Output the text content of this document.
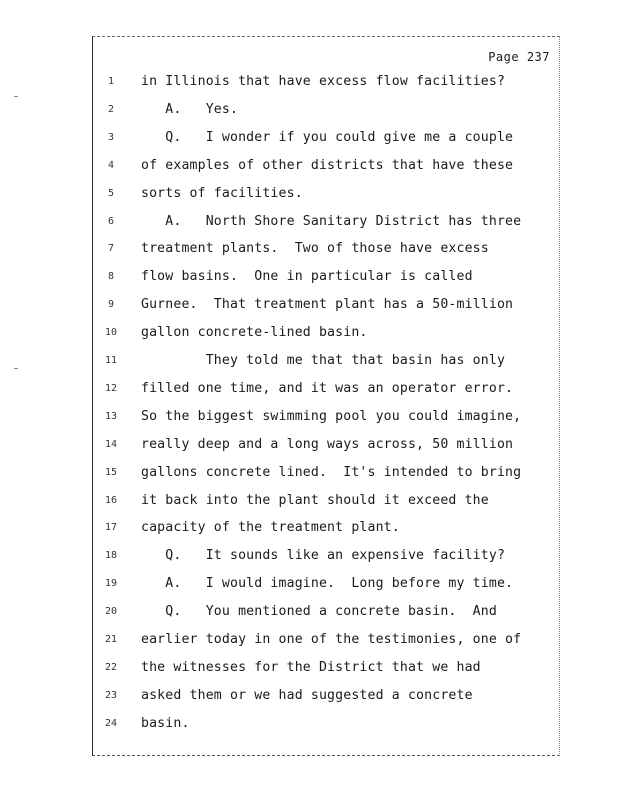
Page 237
1	in Illinois that have excess flow facilities?
2	A.   Yes.
3	Q.   I wonder if you could give me a couple
4	of examples of other districts that have these
5	sorts of facilities.
6	A.   North Shore Sanitary District has three
7	treatment plants.  Two of those have excess
8	flow basins.  One in particular is called
9	Gurnee.  That treatment plant has a 50-million
10	gallon concrete-lined basin.
11	They told me that that basin has only
12	filled one time, and it was an operator error.
13	So the biggest swimming pool you could imagine,
14	really deep and a long ways across, 50 million
15	gallons concrete lined.  It's intended to bring
16	it back into the plant should it exceed the
17	capacity of the treatment plant.
18	Q.   It sounds like an expensive facility?
19	A.   I would imagine.  Long before my time.
20	Q.   You mentioned a concrete basin.  And
21	earlier today in one of the testimonies, one of
22	the witnesses for the District that we had
23	asked them or we had suggested a concrete
24	basin.
